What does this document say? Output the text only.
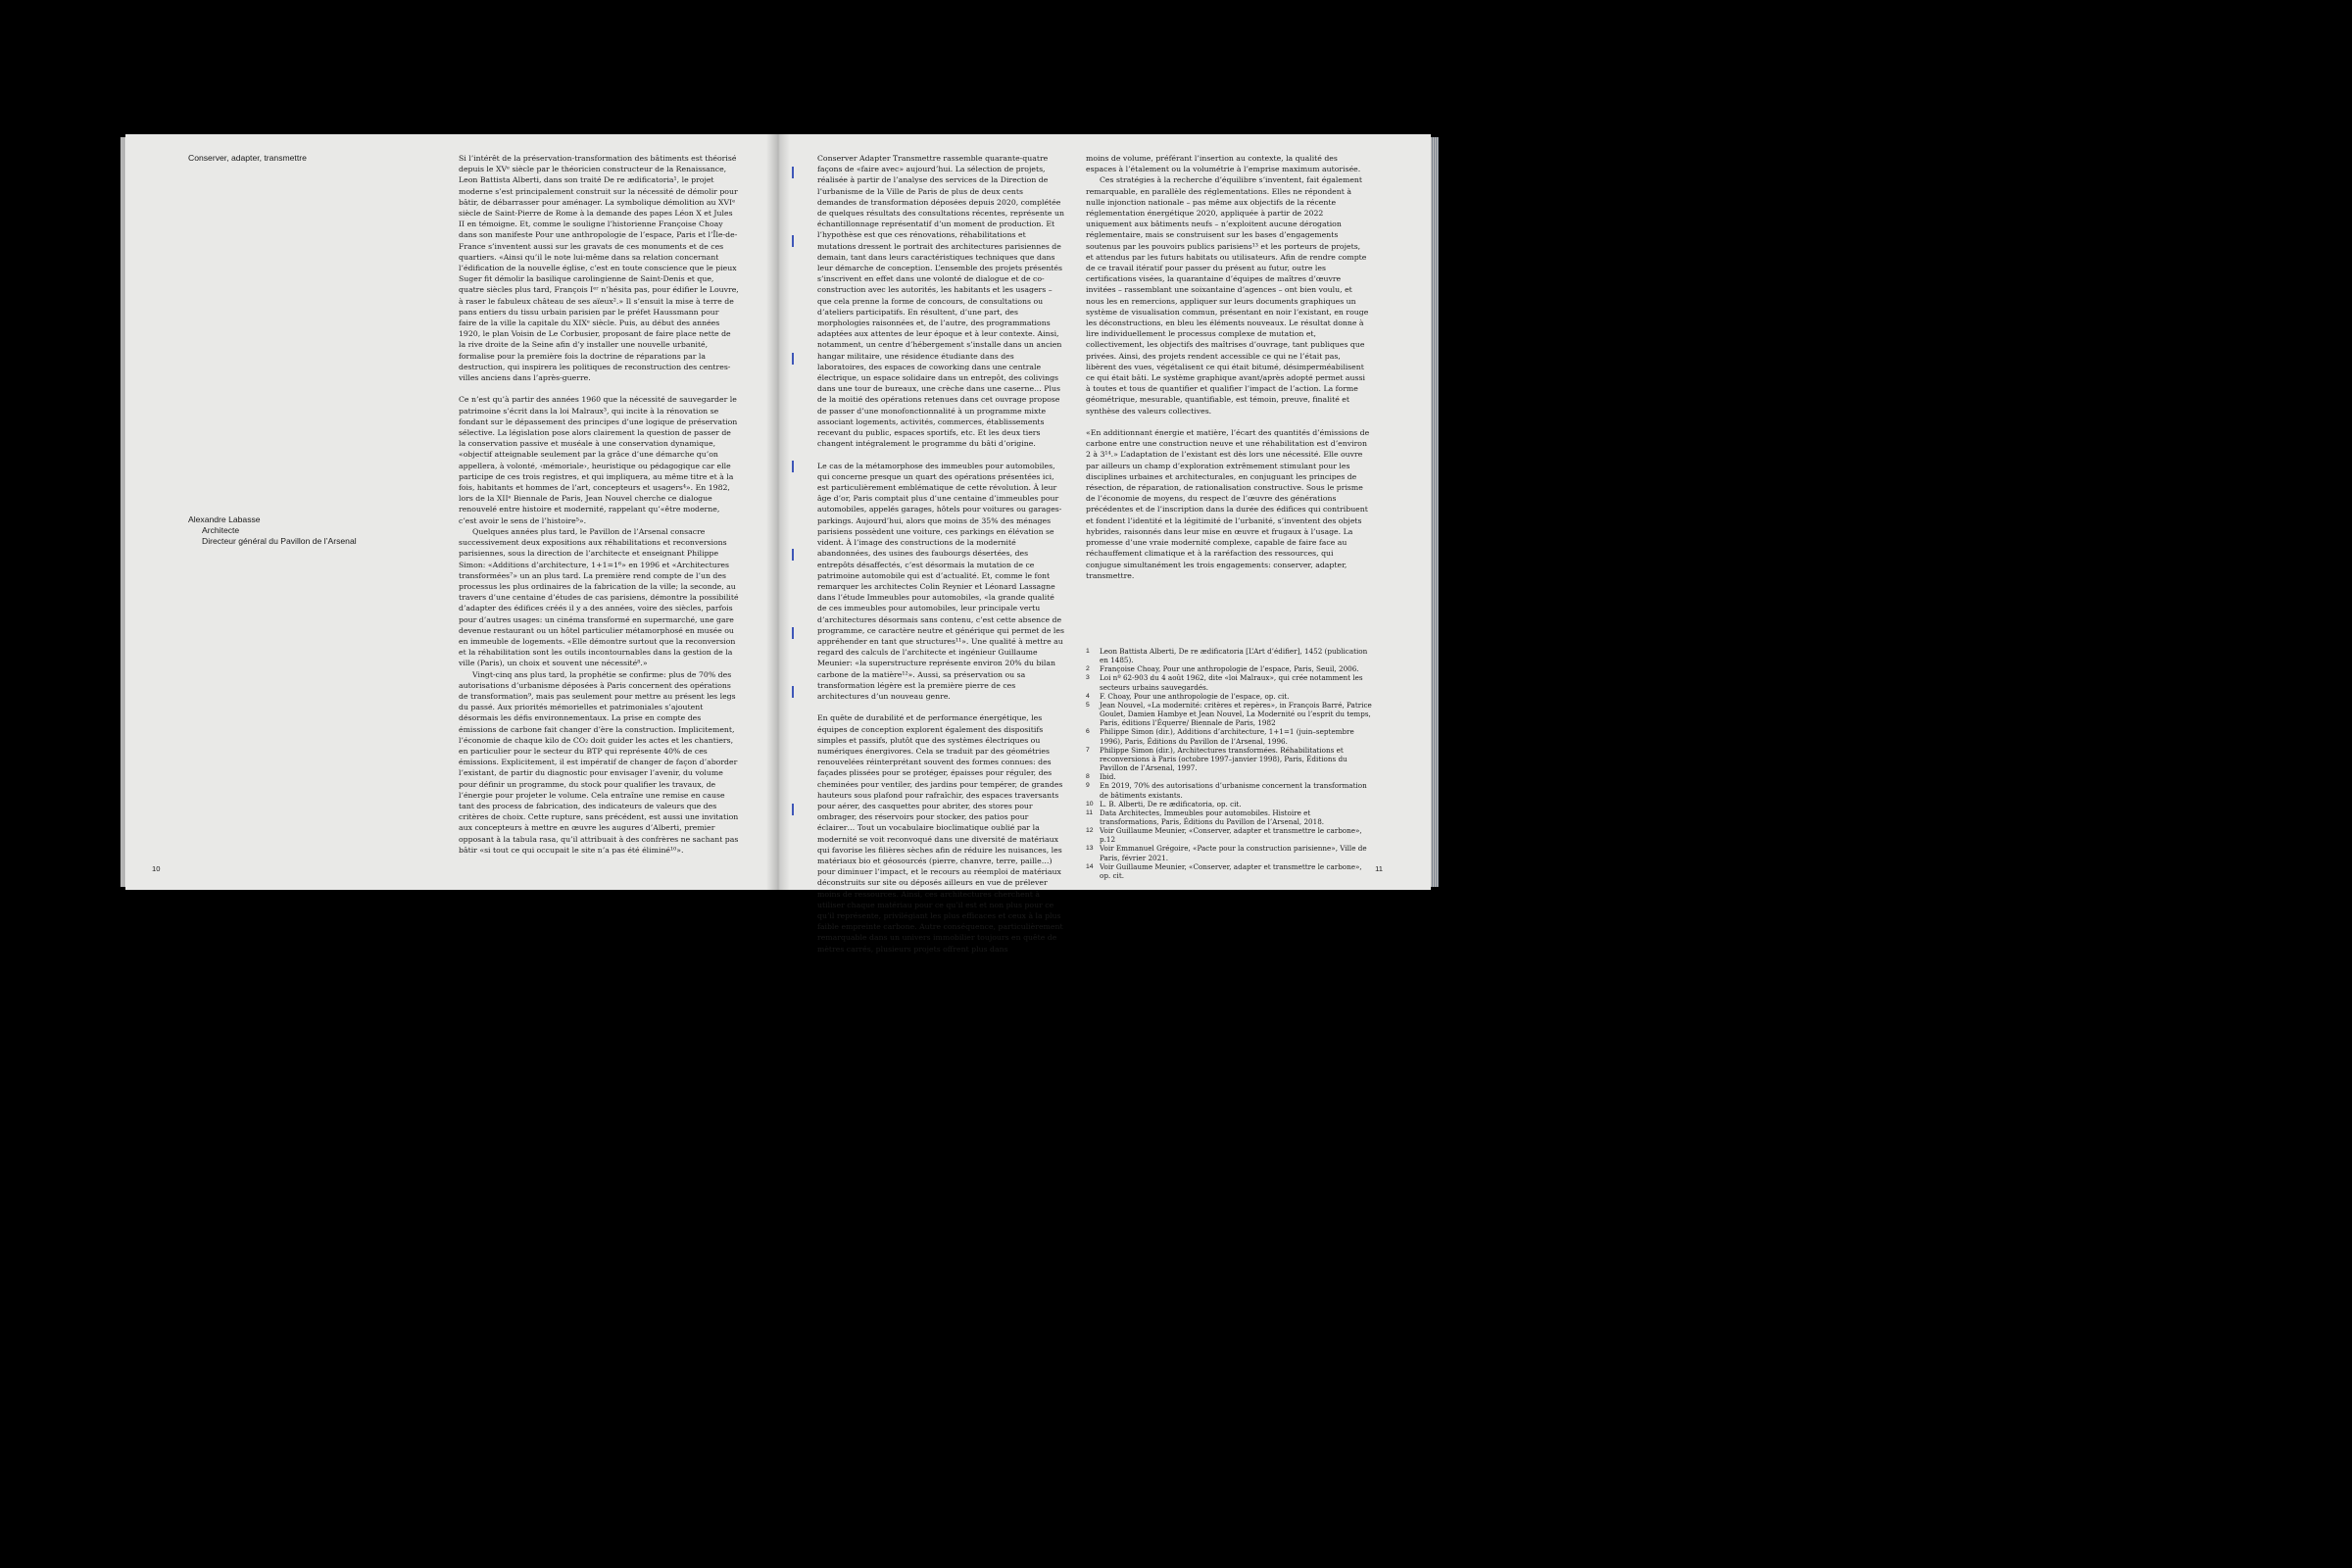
Conserver, adapter, transmettre
Alexandre Labasse
Architecte
Directeur général du Pavillon de l’Arsenal

Si l’intérêt de la préservation-transformation des bâtiments est théorisé depuis le XVᵉ siècle par le théoricien constructeur de la Renaissance, Leon Battista Alberti, dans son traité De re ædificatoria¹, le projet moderne s’est principalement construit sur la nécessité de démolir pour bâtir, de débarrasser pour aménager. La symbolique démolition au XVIᵉ siècle de Saint-Pierre de Rome à la demande des papes Léon X et Jules II en témoigne. Et, comme le souligne l’historienne Françoise Choay dans son manifeste Pour une anthropologie de l’espace, Paris et l’Île-de-France s’inventent aussi sur les gravats de ces monuments et de ces quartiers. «Ainsi qu’il le note lui-même dans sa relation concernant l’édification de la nouvelle église, c’est en toute conscience que le pieux Suger fit démolir la basilique carolingienne de Saint-Denis et que, quatre siècles plus tard, François Iᵉʳ n’hésita pas, pour édifier le Louvre, à raser le fabuleux château de ses aïeux².» Il s’ensuit la mise à terre de pans entiers du tissu urbain parisien par le préfet Haussmann pour faire de la ville la capitale du XIXᵉ siècle. Puis, au début des années 1920, le plan Voisin de Le Corbusier, proposant de faire place nette de la rive droite de la Seine afin d’y installer une nouvelle urbanité, formalise pour la première fois la doctrine de réparations par la destruction, qui inspirera les politiques de reconstruction des centres-villes anciens dans l’après-guerre.

Ce n’est qu’à partir des années 1960 que la nécessité de sauvegarder le patrimoine s’écrit dans la loi Malraux³, qui incite à la rénovation se fondant sur le dépassement des principes d’une logique de préservation sélective. La législation pose alors clairement la question de passer de la conservation passive et muséale à une conservation dynamique, «objectif atteignable seulement par la grâce d’une démarche qu’on appellera, à volonté, ‹mémoriale›, heuristique ou pédagogique car elle participe de ces trois registres, et qui impliquera, au même titre et à la fois, habitants et hommes de l’art, concepteurs et usagers⁴». En 1982, lors de la XIIᵉ Biennale de Paris, Jean Nouvel cherche ce dialogue renouvelé entre histoire et modernité, rappelant qu’«être moderne, c’est avoir le sens de l’histoire⁵».

Quelques années plus tard, le Pavillon de l’Arsenal consacre successivement deux expositions aux réhabilitations et reconversions parisiennes, sous la direction de l’architecte et enseignant Philippe Simon: «Additions d’architecture, 1+1=1⁶» en 1996 et «Architectures transformées⁷» un an plus tard. La première rend compte de l’un des processus les plus ordinaires de la fabrication de la ville; la seconde, au travers d’une centaine d’études de cas parisiens, démontre la possibilité d’adapter des édifices créés il y a des années, voire des siècles, parfois pour d’autres usages: un cinéma transformé en supermarché, une gare devenue restaurant ou un hôtel particulier métamorphosé en musée ou en immeuble de logements. «Elle démontre surtout que la reconversion et la réhabilitation sont les outils incontournables dans la gestion de la ville (Paris), un choix et souvent une nécessité⁸.»

Vingt-cinq ans plus tard, la prophétie se confirme: plus de 70% des autorisations d’urbanisme déposées à Paris concernent des opérations de transformation⁹, mais pas seulement pour mettre au présent les legs du passé. Aux priorités mémorielles et patrimoniales s’ajoutent désormais les défis environnementaux. La prise en compte des émissions de carbone fait changer d’ère la construction. Implicitement, l’économie de chaque kilo de CO₂ doit guider les actes et les chantiers, en particulier pour le secteur du BTP qui représente 40% de ces émissions. Explicitement, il est impératif de changer de façon d’aborder l’existant, de partir du diagnostic pour envisager l’avenir, du volume pour définir un programme, du stock pour qualifier les travaux, de l’énergie pour projeter le volume. Cela entraîne une remise en cause tant des process de fabrication, des indicateurs de valeurs que des critères de choix. Cette rupture, sans précédent, est aussi une invitation aux concepteurs à mettre en œuvre les augures d’Alberti, premier opposant à la tabula rasa, qu’il attribuait à des confrères ne sachant pas bâtir «si tout ce qui occupait le site n’a pas été éliminé¹⁰».

10

Conserver Adapter Transmettre rassemble quarante-quatre façons de «faire avec» aujourd’hui. La sélection de projets, réalisée à partir de l’analyse des services de la Direction de l’urbanisme de la Ville de Paris de plus de deux cents demandes de transformation déposées depuis 2020, complétée de quelques résultats des consultations récentes, représente un échantillonnage représentatif d’un moment de production. Et l’hypothèse est que ces rénovations, réhabilitations et mutations dressent le portrait des architectures parisiennes de demain, tant dans leurs caractéristiques techniques que dans leur démarche de conception. L’ensemble des projets présentés s’inscrivent en effet dans une volonté de dialogue et de co-construction avec les autorités, les habitants et les usagers – que cela prenne la forme de concours, de consultations ou d’ateliers participatifs. En résultent, d’une part, des morphologies raisonnées et, de l’autre, des programmations adaptées aux attentes de leur époque et à leur contexte. Ainsi, notamment, un centre d’hébergement s’installe dans un ancien hangar militaire, une résidence étudiante dans des laboratoires, des espaces de coworking dans une centrale électrique, un espace solidaire dans un entrepôt, des colivings dans une tour de bureaux, une crèche dans une caserne… Plus de la moitié des opérations retenues dans cet ouvrage propose de passer d’une monofonctionnalité à un programme mixte associant logements, activités, commerces, établissements recevant du public, espaces sportifs, etc. Et les deux tiers changent intégralement le programme du bâti d’origine.

Le cas de la métamorphose des immeubles pour automobiles, qui concerne presque un quart des opérations présentées ici, est particulièrement emblématique de cette révolution. À leur âge d’or, Paris comptait plus d’une centaine d’immeubles pour automobiles, appelés garages, hôtels pour voitures ou garages-parkings. Aujourd’hui, alors que moins de 35% des ménages parisiens possèdent une voiture, ces parkings en élévation se vident. À l’image des constructions de la modernité abandonnées, des usines des faubourgs désertées, des entrepôts désaffectés, c’est désormais la mutation de ce patrimoine automobile qui est d’actualité. Et, comme le font remarquer les architectes Colin Reynier et Léonard Lassagne dans l’étude Immeubles pour automobiles, «la grande qualité de ces immeubles pour automobiles, leur principale vertu d’architectures désormais sans contenu, c’est cette absence de programme, ce caractère neutre et générique qui permet de les appréhender en tant que structures¹¹». Une qualité à mettre au regard des calculs de l’architecte et ingénieur Guillaume Meunier: «la superstructure représente environ 20% du bilan carbone de la matière¹²». Aussi, sa préservation ou sa transformation légère est la première pierre de ces architectures d’un nouveau genre.

En quête de durabilité et de performance énergétique, les équipes de conception explorent également des dispositifs simples et passifs, plutôt que des systèmes électriques ou numériques énergivores. Cela se traduit par des géométries renouvelées réinterprétant souvent des formes connues: des façades plissées pour se protéger, épaisses pour réguler, des cheminées pour ventiler, des jardins pour tempérer, de grandes hauteurs sous plafond pour rafraîchir, des espaces traversants pour aérer, des casquettes pour abriter, des stores pour ombrager, des réservoirs pour stocker, des patios pour éclairer… Tout un vocabulaire bioclimatique oublié par la modernité se voit reconvoqué dans une diversité de matériaux qui favorise les filières sèches afin de réduire les nuisances, les matériaux bio et géosourcés (pierre, chanvre, terre, paille…) pour diminuer l’impact, et le recours au réemploi de matériaux déconstruits sur site ou déposés ailleurs en vue de prélever moins de ressources. Ainsi, ces architectures cherchent à utiliser chaque matériau pour ce qu’il est et non plus pour ce qu’il représente, privilégiant les plus efficaces et ceux à la plus faible empreinte carbone. Autre conséquence, particulièrement remarquable dans un univers immobilier toujours en quête de mètres carrés, plusieurs projets offrent plus dans

moins de volume, préférant l’insertion au contexte, la qualité des espaces à l’étalement ou la volumétrie à l’emprise maximum autorisée.

Ces stratégies à la recherche d’équilibre s’inventent, fait également remarquable, en parallèle des réglementations. Elles ne répondent à nulle injonction nationale – pas même aux objectifs de la récente réglementation énergétique 2020, appliquée à partir de 2022 uniquement aux bâtiments neufs – n’exploitent aucune dérogation réglementaire, mais se construisent sur les bases d’engagements soutenus par les pouvoirs publics parisiens¹³ et les porteurs de projets, et attendus par les futurs habitats ou utilisateurs. Afin de rendre compte de ce travail itératif pour passer du présent au futur, outre les certifications visées, la quarantaine d’équipes de maîtres d’œuvre invitées – rassemblant une soixantaine d’agences – ont bien voulu, et nous les en remercions, appliquer sur leurs documents graphiques un système de visualisation commun, présentant en noir l’existant, en rouge les déconstructions, en bleu les éléments nouveaux. Le résultat donne à lire individuellement le processus complexe de mutation et, collectivement, les objectifs des maîtrises d’ouvrage, tant publiques que privées. Ainsi, des projets rendent accessible ce qui ne l’était pas, libèrent des vues, végétalisent ce qui était bitumé, désimperméabilisent ce qui était bâti. Le système graphique avant/après adopté permet aussi à toutes et tous de quantifier et qualifier l’impact de l’action. La forme géométrique, mesurable, quantifiable, est témoin, preuve, finalité et synthèse des valeurs collectives.

«En additionnant énergie et matière, l’écart des quantités d’émissions de carbone entre une construction neuve et une réhabilitation est d’environ 2 à 3¹⁴.» L’adaptation de l’existant est dès lors une nécessité. Elle ouvre par ailleurs un champ d’exploration extrêmement stimulant pour les disciplines urbaines et architecturales, en conjuguant les principes de résection, de réparation, de rationalisation constructive. Sous le prisme de l’économie de moyens, du respect de l’œuvre des générations précédentes et de l’inscription dans la durée des édifices qui contribuent et fondent l’identité et la légitimité de l’urbanité, s’inventent des objets hybrides, raisonnés dans leur mise en œuvre et frugaux à l’usage. La promesse d’une vraie modernité complexe, capable de faire face au réchauffement climatique et à la raréfaction des ressources, qui conjugue simultanément les trois engagements: conserver, adapter, transmettre.

1	Leon Battista Alberti, De re ædificatoria [L’Art d’édifier], 1452 (publication en 1485).
2	Françoise Choay, Pour une anthropologie de l’espace, Paris, Seuil, 2006.
3	Loi nº 62-903 du 4 août 1962, dite «loi Malraux», qui crée notamment les secteurs urbains sauvegardés.
4	F. Choay, Pour une anthropologie de l’espace, op. cit.
5	Jean Nouvel, «La modernité: critères et repères», in François Barré, Patrice Goulet, Damien Hambye et Jean Nouvel, La Modernité ou l’esprit du temps, Paris, éditions l’Équerre/ Biennale de Paris, 1982
6	Philippe Simon (dir.), Additions d’architecture, 1+1=1 (juin–septembre 1996), Paris, Éditions du Pavillon de l’Arsenal, 1996.
7	Philippe Simon (dir.), Architectures transformées. Réhabilitations et reconversions à Paris (octobre 1997–janvier 1998), Paris, Éditions du Pavillon de l’Arsenal, 1997.
8	Ibid.
9	En 2019, 70% des autorisations d’urbanisme concernent la transformation de bâtiments existants.
10 L. B. Alberti, De re ædificatoria, op. cit.
11 Data Architectes, Immeubles pour automobiles. Histoire et transformations, Paris, Éditions du Pavillon de l’Arsenal, 2018.
12 Voir Guillaume Meunier, «Conserver, adapter et transmettre le carbone», p.12
13 Voir Emmanuel Grégoire, «Pacte pour la construction parisienne», Ville de Paris, février 2021.
14 Voir Guillaume Meunier, «Conserver, adapter et transmettre le carbone», op. cit.
11
